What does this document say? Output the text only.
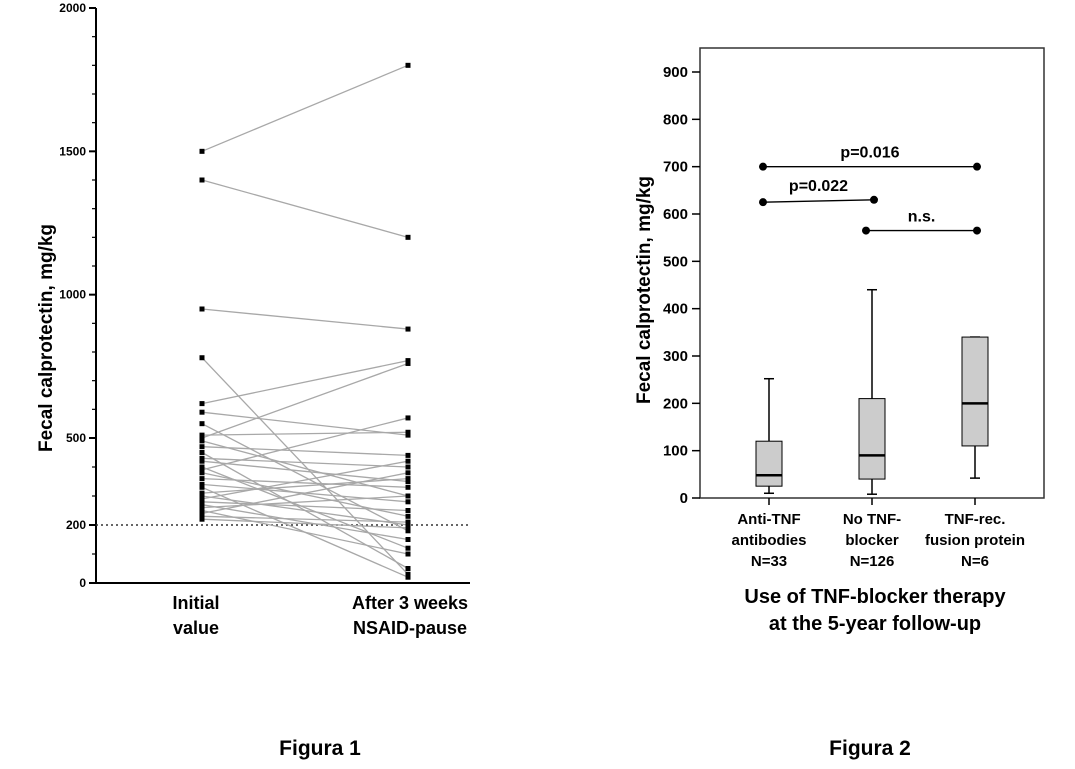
0
200
500
1000
1500
2000
Fecal calprotectin, mg/kg
Initial
value
After 3 weeks
NSAID-pause
0
100
200
300
400
500
600
700
800
900
p=0.016
p=0.022
n.s.
Fecal calprotectin, mg/kg
Anti-TNF
antibodies
N=33
No TNF-
blocker
N=126
TNF-rec.
fusion protein
N=6
Use of TNF-blocker therapy
at the 5-year follow-up
Figura 1	Figura 2
